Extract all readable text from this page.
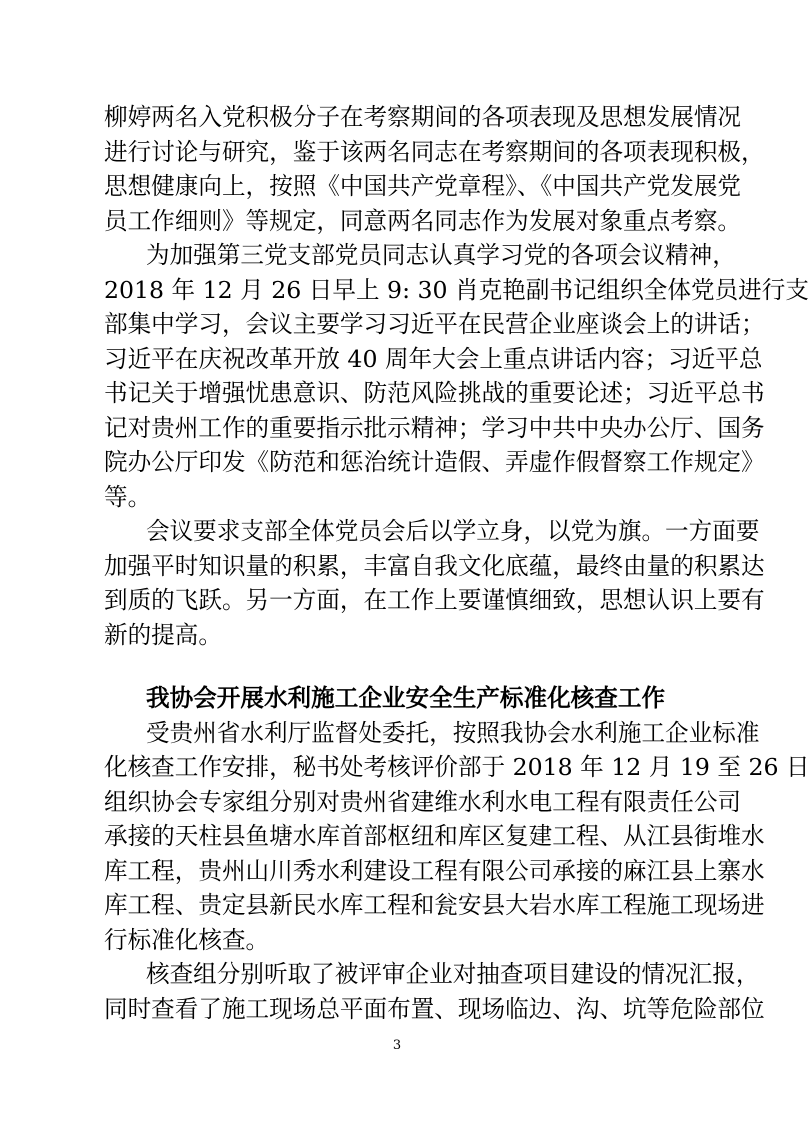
柳婷两名入党积极分子在考察期间的各项表现及思想发展情况
进行讨论与研究，鉴于该两名同志在考察期间的各项表现积极，
思想健康向上，按照《中国共产党章程》、《中国共产党发展党
员工作细则》等规定，同意两名同志作为发展对象重点考察。
为加强第三党支部党员同志认真学习党的各项会议精神，
2018 年 12 月 26 日早上 9: 30 肖克艳副书记组织全体党员进行支
部集中学习，会议主要学习习近平在民营企业座谈会上的讲话；
习近平在庆祝改革开放 40 周年大会上重点讲话内容；习近平总
书记关于增强忧患意识、防范风险挑战的重要论述；习近平总书
记对贵州工作的重要指示批示精神；学习中共中央办公厅、国务
院办公厅印发《防范和惩治统计造假、弄虚作假督察工作规定》
等。
会议要求支部全体党员会后以学立身，以党为旗。一方面要
加强平时知识量的积累，丰富自我文化底蕴，最终由量的积累达
到质的飞跃。另一方面，在工作上要谨慎细致，思想认识上要有
新的提高。
我协会开展水利施工企业安全生产标准化核查工作
3
受贵州省水利厅监督处委托，按照我协会水利施工企业标准
化核查工作安排，秘书处考核评价部于 2018 年 12 月 19 至 26 日
组织协会专家组分别对贵州省建维水利水电工程有限责任公司
承接的天柱县鱼塘水库首部枢纽和库区复建工程、从江县街堆水
库工程，贵州山川秀水利建设工程有限公司承接的麻江县上寨水
库工程、贵定县新民水库工程和瓮安县大岩水库工程施工现场进
行标准化核查。
核查组分别听取了被评审企业对抽查项目建设的情况汇报，
同时查看了施工现场总平面布置、现场临边、沟、坑等危险部位
